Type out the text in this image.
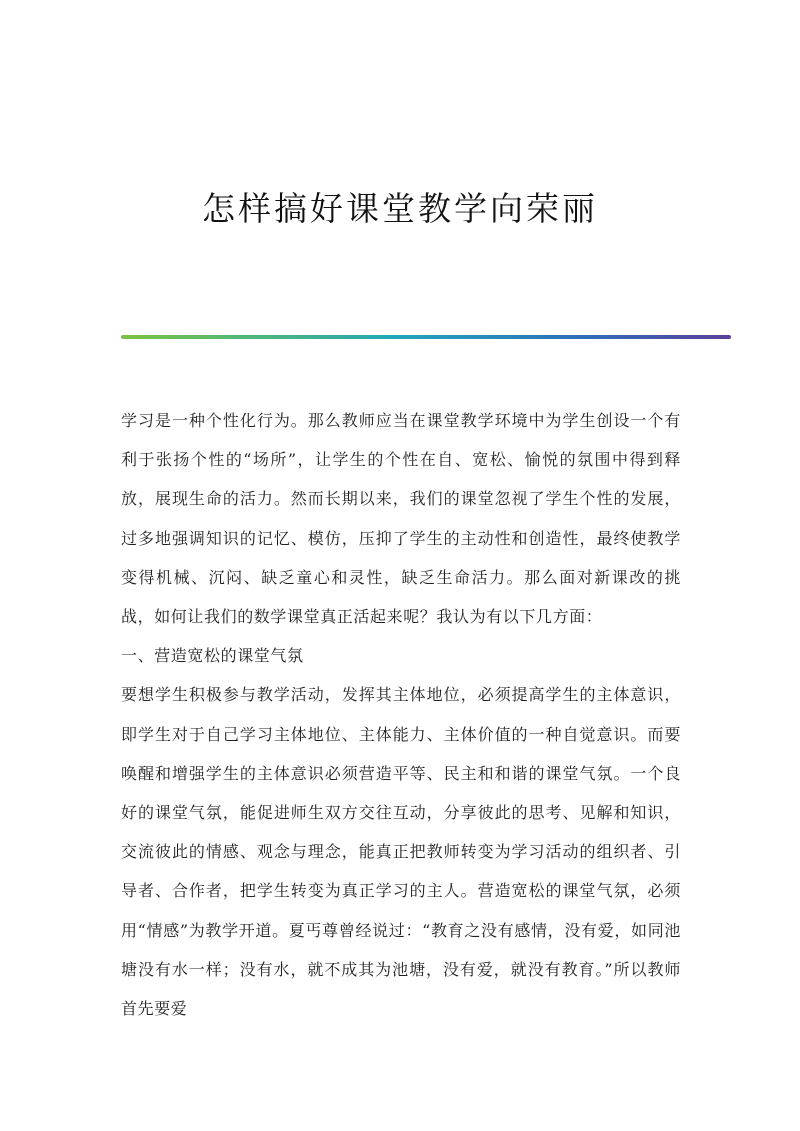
怎样搞好课堂教学向荣丽

学习是一种个性化行为。那么教师应当在课堂教学环境中为学生创设一个有利于张扬个性的“场所”，让学生的个性在自、宽松、愉悦的氛围中得到释放，展现生命的活力。然而长期以来，我们的课堂忽视了学生个性的发展，过多地强调知识的记忆、模仿，压抑了学生的主动性和创造性，最终使教学变得机械、沉闷、缺乏童心和灵性，缺乏生命活力。那么面对新课改的挑战，如何让我们的数学课堂真正活起来呢？我认为有以下几方面：

一、营造宽松的课堂气氛

要想学生积极参与教学活动，发挥其主体地位，必须提高学生的主体意识，即学生对于自己学习主体地位、主体能力、主体价值的一种自觉意识。而要唤醒和增强学生的主体意识必须营造平等、民主和和谐的课堂气氛。一个良好的课堂气氛，能促进师生双方交往互动，分享彼此的思考、见解和知识，交流彼此的情感、观念与理念，能真正把教师转变为学习活动的组织者、引导者、合作者，把学生转变为真正学习的主人。营造宽松的课堂气氛，必须用“情感”为教学开道。夏丐尊曾经说过：“教育之没有感情，没有爱，如同池塘没有水一样；没有水，就不成其为池塘，没有爱，就没有教育。”所以教师首先要爱
